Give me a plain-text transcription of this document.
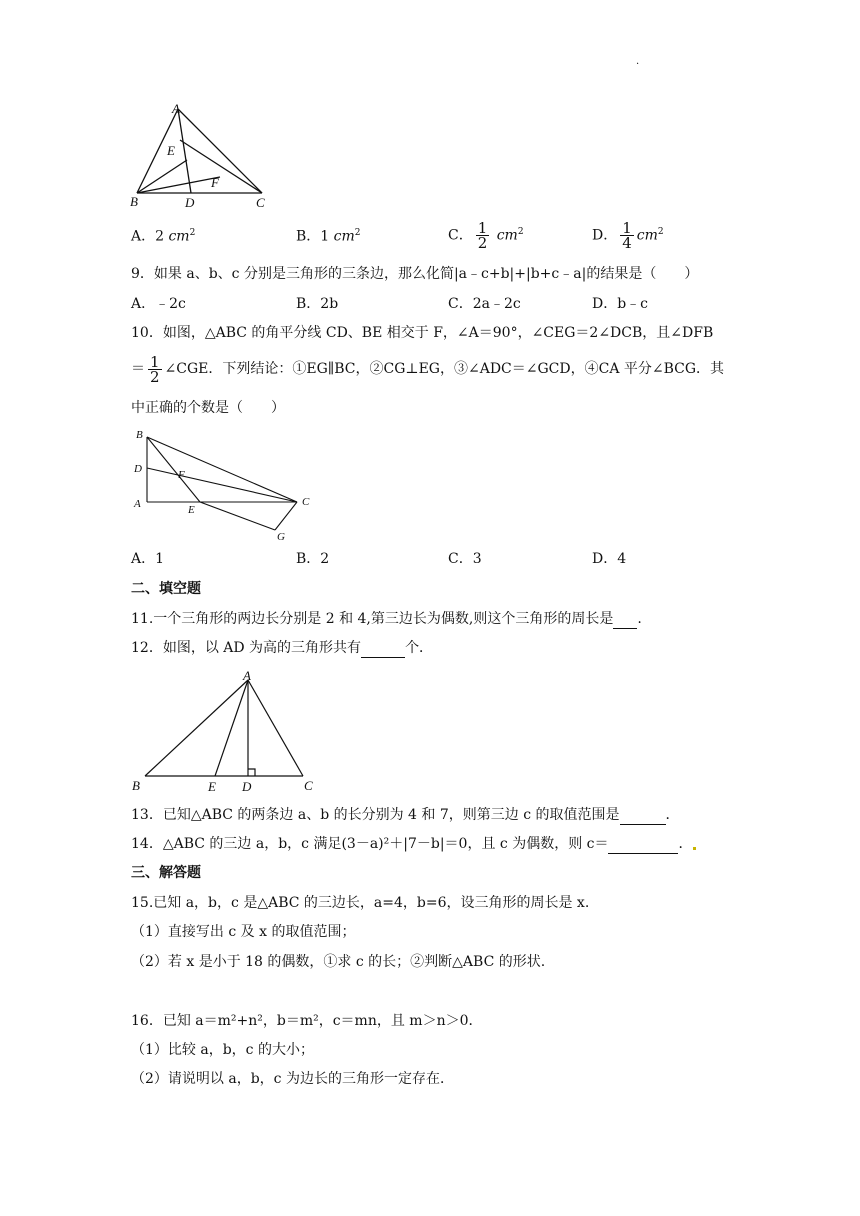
.
A
E
F
B	D	C
A．2 $cm^2$	B．1 $cm^2$	C． $\frac{1}{2} cm^2$	D． $\frac{1}{4} cm^2$
9．如果 a、b、c 分别是三角形的三条边，那么化简|a﹣c+b|+|b+c﹣a|的结果是（　　）
A．﹣2c	B．2b	C．2a﹣2c	D．b﹣c
10．如图，△ABC 的角平分线 CD、BE 相交于 F，∠A＝90°，∠CEG＝2∠DCB，且∠DFB
＝ $\frac{1}{2}$ ∠CGE．下列结论：①EG∥BC，②CG⊥EG，③∠ADC＝∠GCD，④CA 平分∠BCG．其
中正确的个数是（　　）
B
D	F
A	E
C
G
A．1	B．2	C．3	D．4
二、填空题
11.一个三角形的两边长分别是 2 和 4,第三边长为偶数,则这个三角形的周长是 .
12．如图，以 AD 为高的三角形共有	个．
A
B	E D	C
13．已知△ABC 的两条边 a、b 的长分别为 4 和 7，则第三边 c 的取值范围是	．
14．△ABC 的三边 a，b，c 满足(3－a)²＋|7－b|＝0，且 c 为偶数，则 c＝	．
三、解答题
15.已知 a，b，c 是△ABC 的三边长，a=4，b=6，设三角形的周长是 x.
（1）直接写出 c 及 x 的取值范围；
（2）若 x 是小于 18 的偶数，①求 c 的长；②判断△ABC 的形状.
16．已知 a＝m²+n²，b＝m²，c＝mn，且 m＞n＞0．
（1）比较 a，b，c 的大小；
（2）请说明以 a，b，c 为边长的三角形一定存在．
